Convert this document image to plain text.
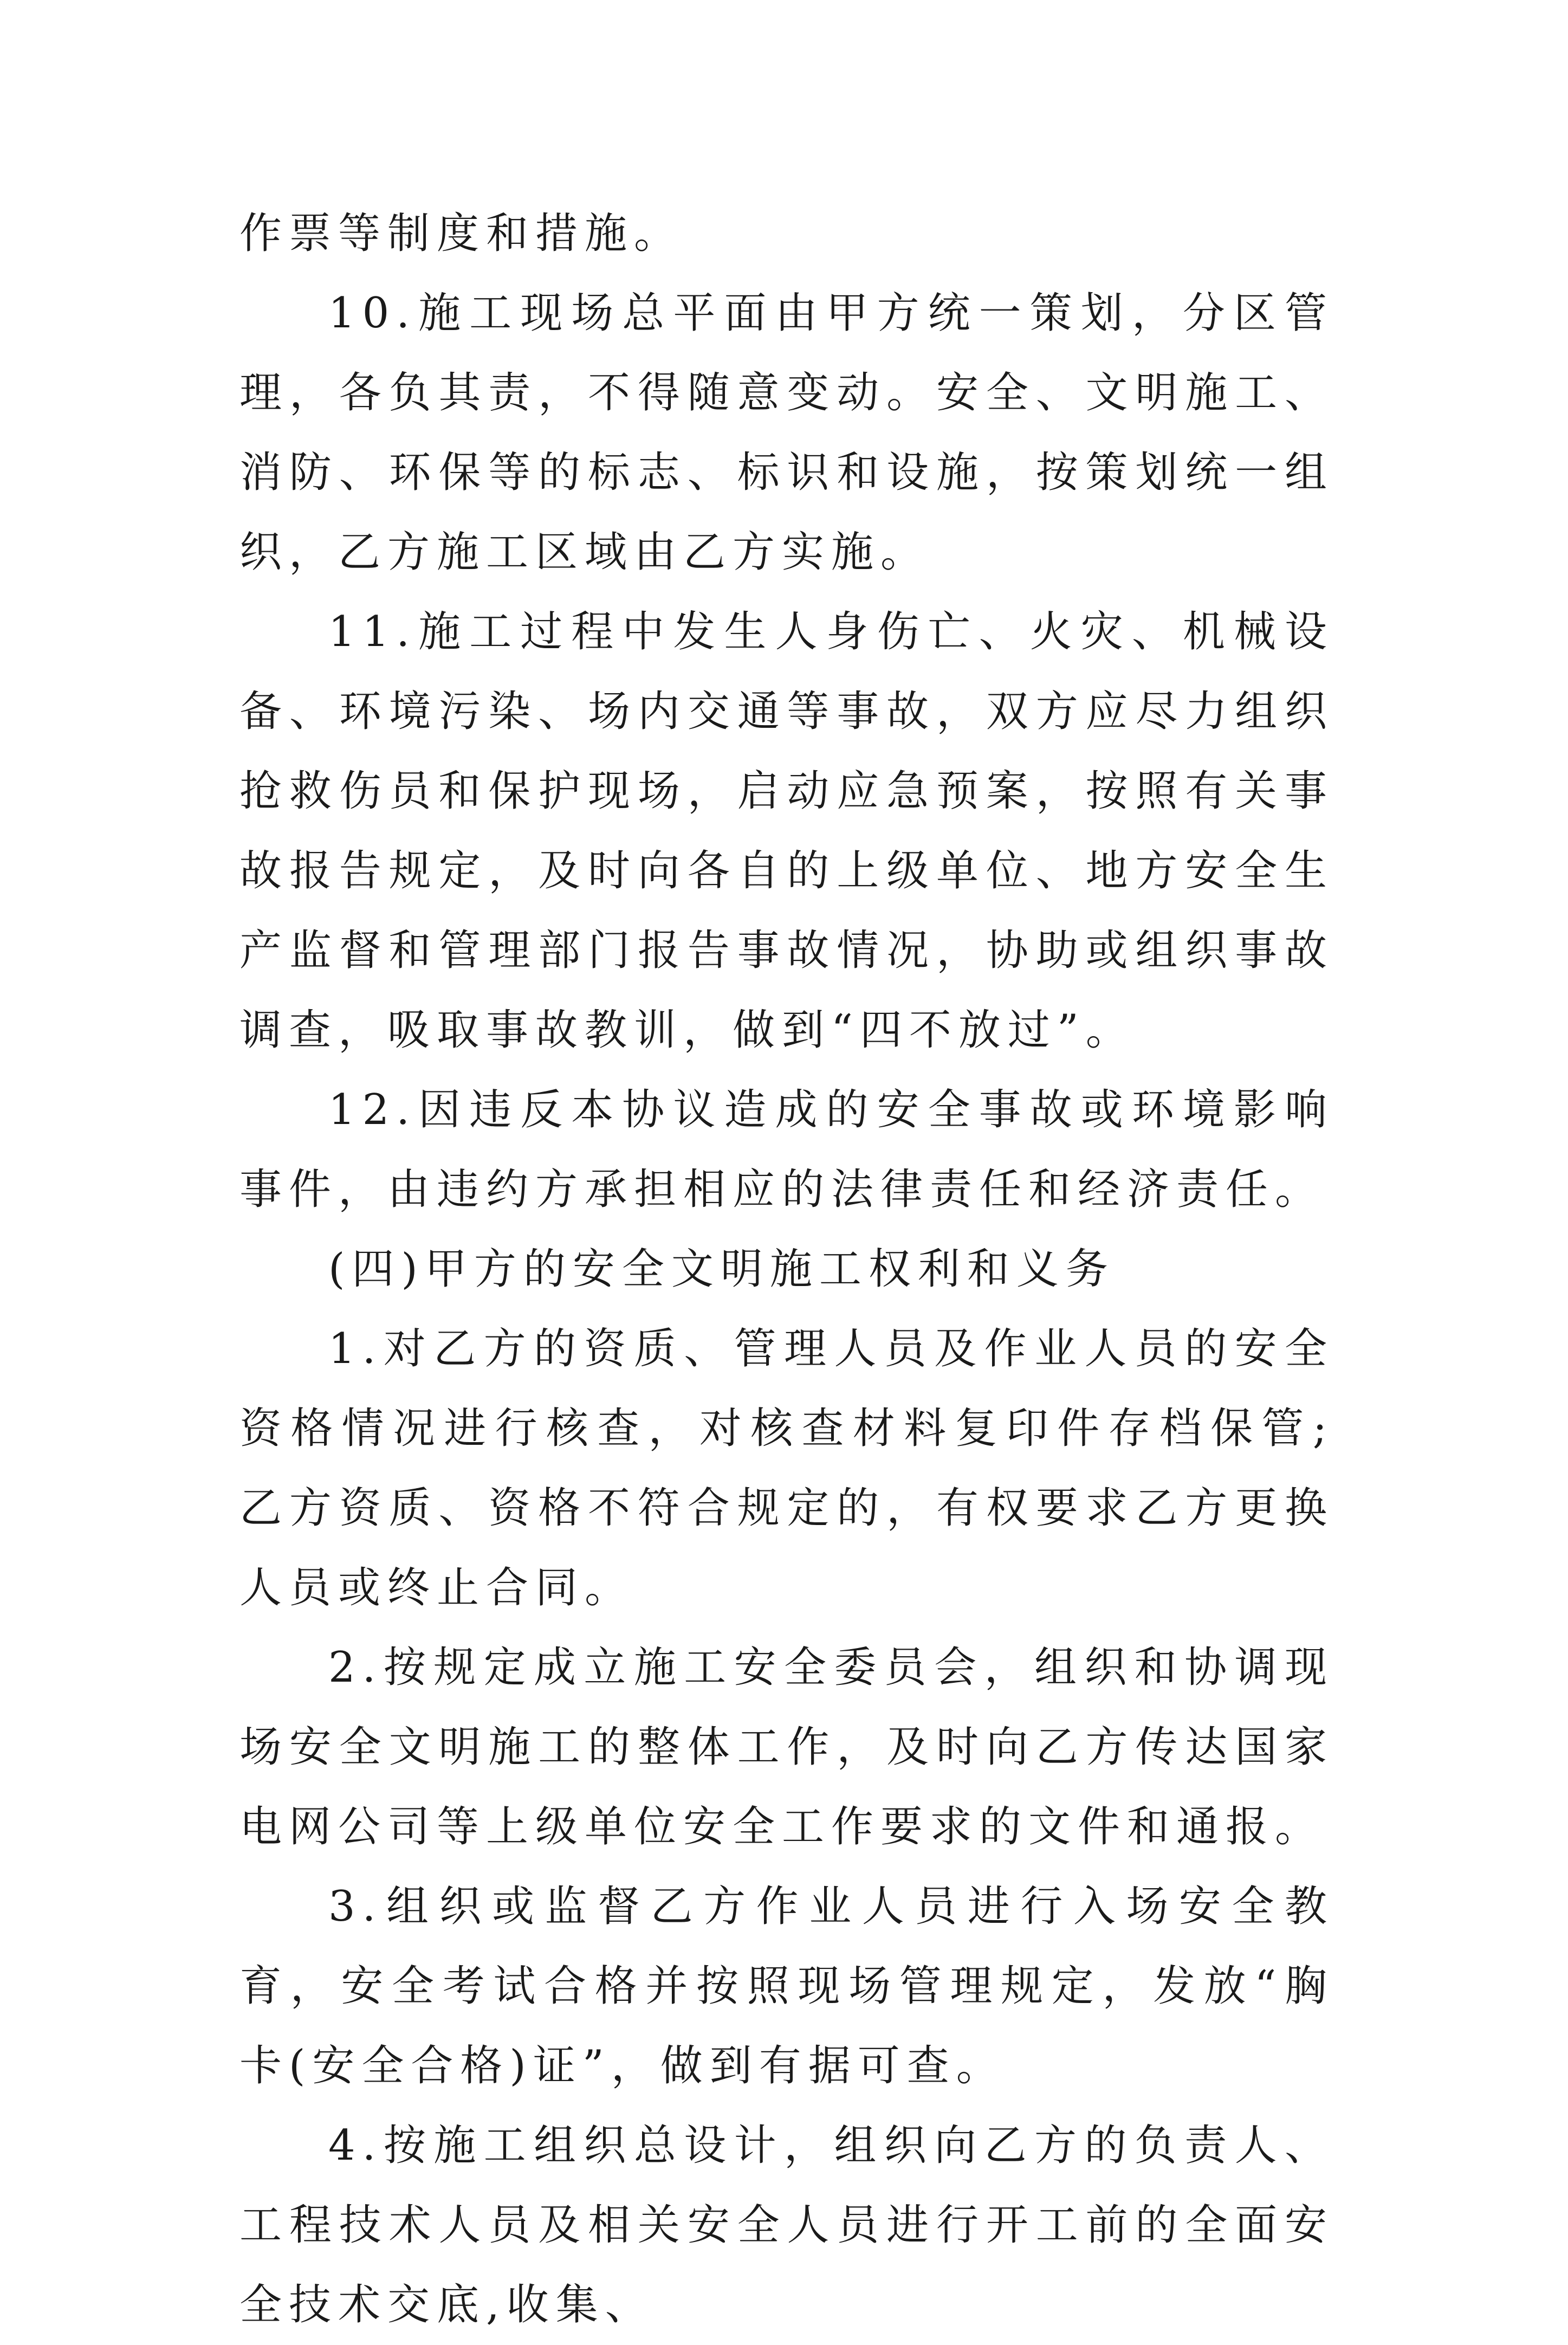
作票等制度和措施。

10.施工现场总平面由甲方统一策划，分区管理，各负其责，不得随意变动。安全、文明施工、消防、环保等的标志、标识和设施，按策划统一组织，乙方施工区域由乙方实施。

11.施工过程中发生人身伤亡、火灾、机械设备、环境污染、场内交通等事故，双方应尽力组织抢救伤员和保护现场，启动应急预案，按照有关事故报告规定，及时向各自的上级单位、地方安全生产监督和管理部门报告事故情况，协助或组织事故调查，吸取事故教训，做到“四不放过”。

12.因违反本协议造成的安全事故或环境影响事件，由违约方承担相应的法律责任和经济责任。

(四)甲方的安全文明施工权利和义务

1.对乙方的资质、管理人员及作业人员的安全资格情况进行核查，对核查材料复印件存档保管;乙方资质、资格不符合规定的，有权要求乙方更换人员或终止合同。

2.按规定成立施工安全委员会，组织和协调现场安全文明施工的整体工作，及时向乙方传达国家电网公司等上级单位安全工作要求的文件和通报。

3.组织或监督乙方作业人员进行入场安全教育，安全考试合格并按照现场管理规定，发放“胸卡(安全合格)证”，做到有据可查。

4.按施工组织总设计，组织向乙方的负责人、工程技术人员及相关安全人员进行开工前的全面安全技术交底,收集、
